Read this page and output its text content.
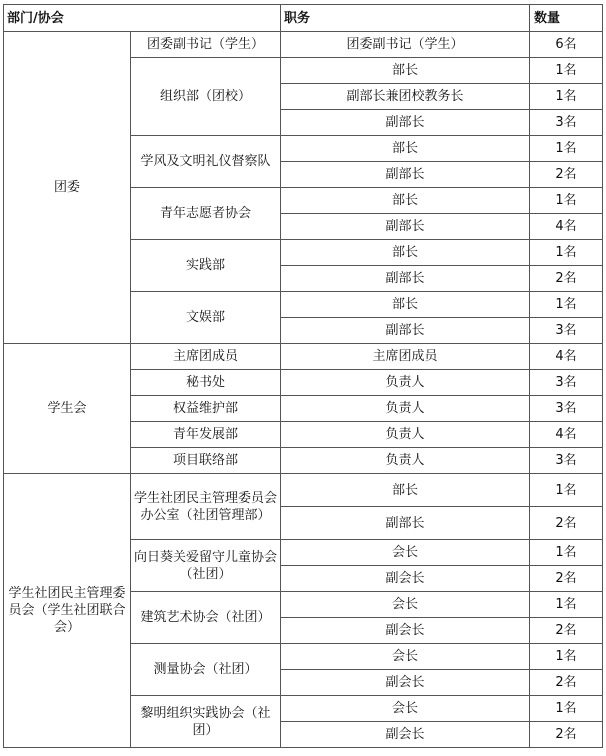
部门/协会		职务	数量
团委	团委副书记（学生）	团委副书记（学生）	6名
	组织部（团校）	部长	1名
		副部长兼团校教务长	1名
		副部长	3名
	学风及文明礼仪督察队	部长	1名
		副部长	2名
	青年志愿者协会	部长	1名
		副部长	4名
	实践部	部长	1名
		副部长	2名
	文娱部	部长	1名
		副部长	3名
学生会	主席团成员	主席团成员	4名
	秘书处	负责人	3名
	权益维护部	负责人	3名
	青年发展部	负责人	4名
	项目联络部	负责人	3名
学生社团民主管理委员会（学生社团联合会）	学生社团民主管理委员会办公室（社团管理部）	部长	1名
		副部长	2名
	向日葵关爱留守儿童协会（社团）	会长	1名
		副会长	2名
	建筑艺术协会（社团）	会长	1名
		副会长	2名
	测量协会（社团）	会长	1名
		副会长	2名
	黎明组织实践协会（社团）	会长	1名
		副会长	2名
